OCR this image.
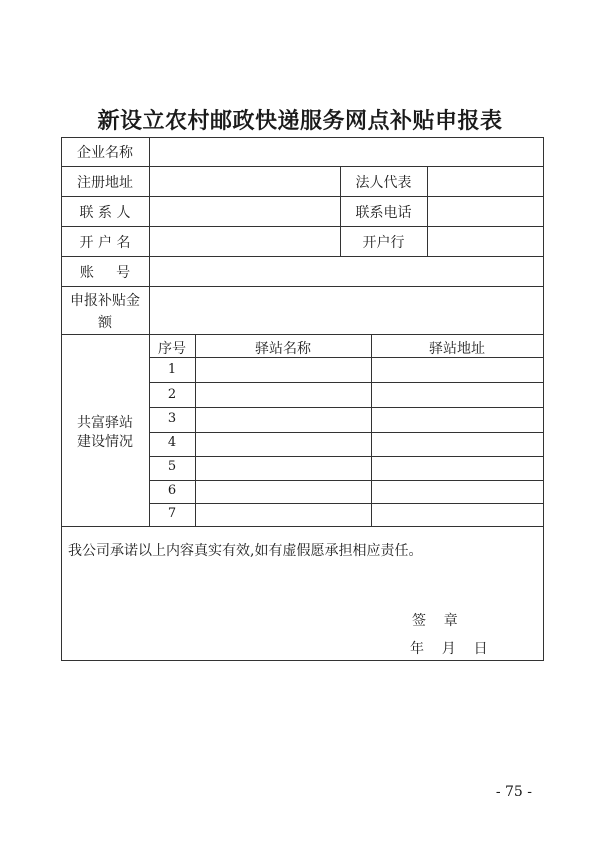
新设立农村邮政快递服务网点补贴申报表
企业名称
注册地址	法人代表
联 系 人	联系电话
开 户 名	开户行
账     号
申报补贴金
额
共富驿站
建设情况
序号	驿站名称	驿站地址
1
2
3
4
5
6
7
我公司承诺以上内容真实有效,如有虚假愿承担相应责任。
签    章
年    月    日
- 75 -
